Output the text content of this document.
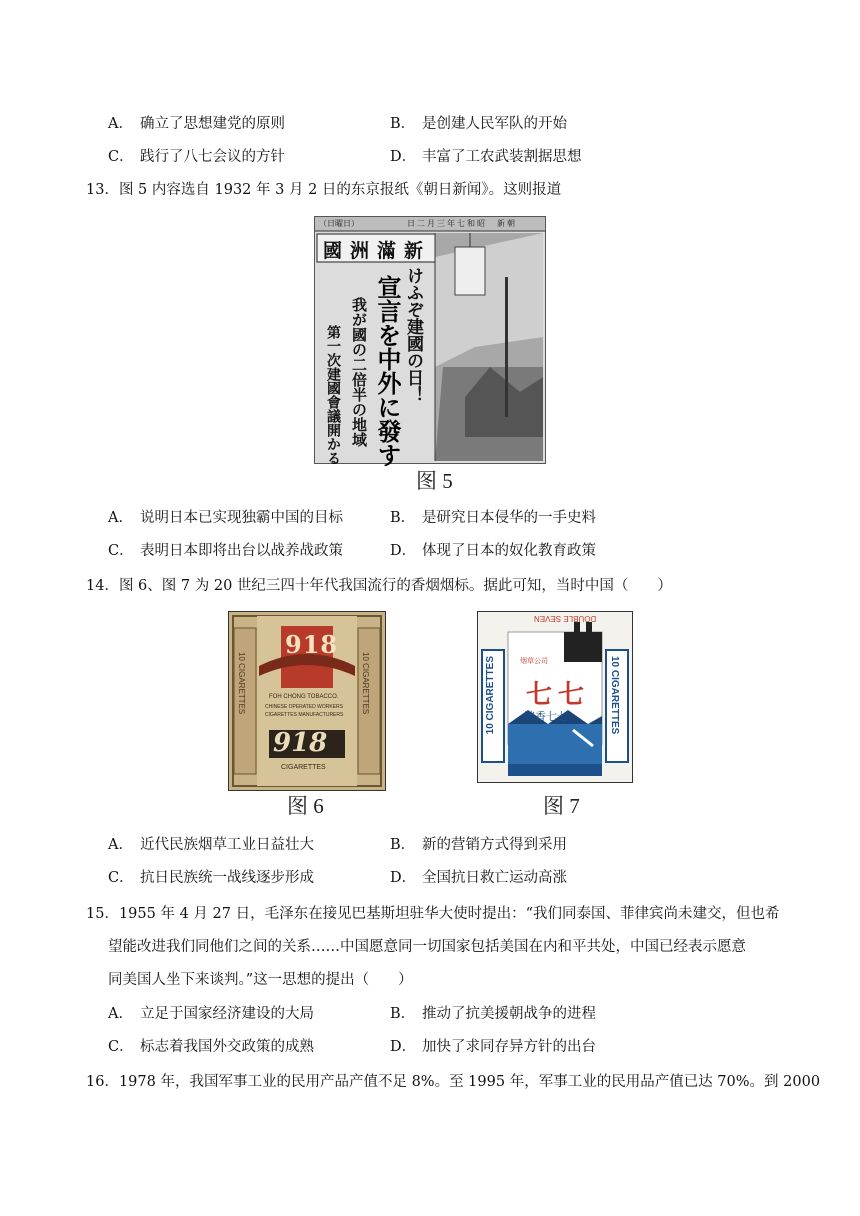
A． 确立了思想建党的原则	B． 是创建人民军队的开始
C． 践行了八七会议的方针	D． 丰富了工农武装割据思想
13．图 5 内容选自 1932 年 3 月 2 日的东京报纸《朝日新闻》。这则报道
（日曜日）	日二月三年七和昭　新朝
國洲滿新
けふぞ建國の日！
宣言を中外に發す
我が國の二倍半の地域
第一次建國會議開かる
图 5
A． 说明日本已实现独霸中国的目标	B． 是研究日本侵华的一手史料
C． 表明日本即将出台以战养战政策	D． 体现了日本的奴化教育政策
14．图 6、图 7 为 20 世纪三四十年代我国流行的香烟烟标。据此可知，当时中国（　　）
918
10 CIGARETTES	10 CIGARETTES
FOH CHONG TOBACCO.
CHINESE OPERATED WORKERS
CIGARETTES MANUFACTURERS
918
CIGARETTES
图 6
DOUBLE SEVEN
10 CIGARETTES	10 CIGARETTES
烟草公司
七七
牌香七七
图 7
A． 近代民族烟草工业日益壮大	B． 新的营销方式得到采用
C． 抗日民族统一战线逐步形成	D． 全国抗日救亡运动高涨
15．1955 年 4 月 27 日，毛泽东在接见巴基斯坦驻华大使时提出：“我们同泰国、菲律宾尚未建交，但也希
望能改进我们同他们之间的关系……中国愿意同一切国家包括美国在内和平共处，中国已经表示愿意
同美国人坐下来谈判。”这一思想的提出（　　）
A． 立足于国家经济建设的大局	B． 推动了抗美援朝战争的进程
C． 标志着我国外交政策的成熟	D． 加快了求同存异方针的出台
16．1978 年，我国军事工业的民用产品产值不足 8%。至 1995 年，军事工业的民用品产值已达 70%。到 2000
